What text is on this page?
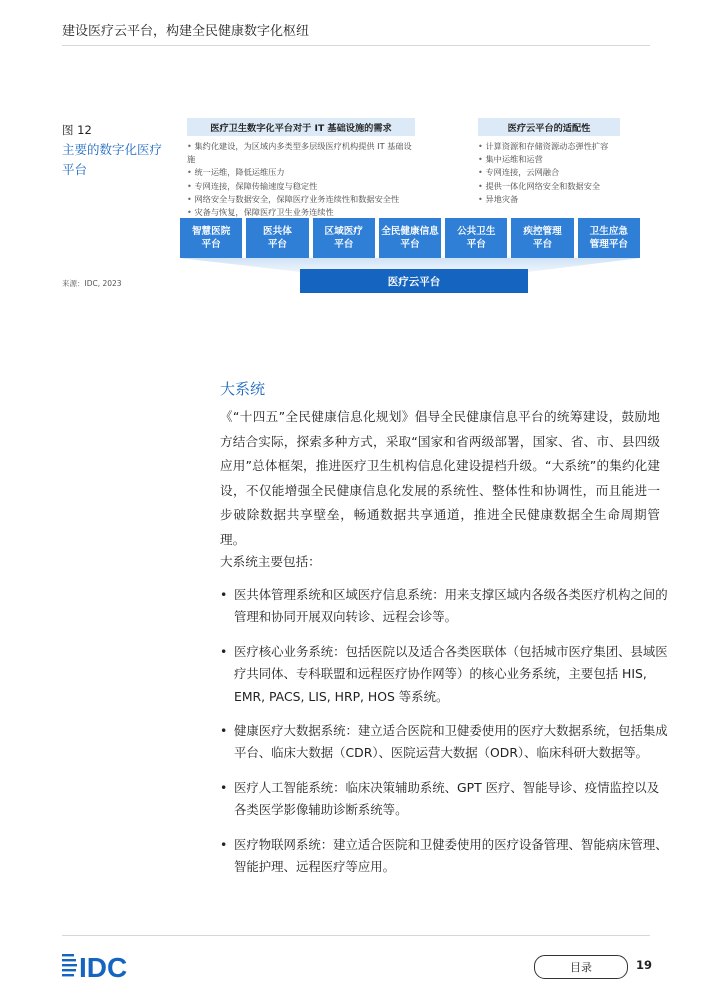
建设医疗云平台，构建全民健康数字化枢纽
图 12
主要的数字化医疗平台
医疗卫生数字化平台对于 IT 基础设施的需求
• 集约化建设，为区域内多类型多层级医疗机构提供 IT 基础设施
• 统一运维，降低运维压力
• 专网连接，保障传输速度与稳定性
• 网络安全与数据安全，保障医疗业务连续性和数据安全性
• 灾备与恢复，保障医疗卫生业务连续性
医疗云平台的适配性
• 计算资源和存储资源动态弹性扩容
• 集中运维和运营
• 专网连接，云网融合
• 提供一体化网络安全和数据安全
• 异地灾备
智慧医院
平台
医共体
平台
区域医疗
平台
全民健康信息
平台
公共卫生
平台
疾控管理
平台
卫生应急
管理平台
医疗云平台
来源：IDC, 2023
大系统
《“十四五”全民健康信息化规划》倡导全民健康信息平台的统筹建设，鼓励地方结合实际，探索多种方式，采取“国家和省两级部署，国家、省、市、县四级应用”总体框架，推进医疗卫生机构信息化建设提档升级。“大系统”的集约化建设，不仅能增强全民健康信息化发展的系统性、整体性和协调性，而且能进一步破除数据共享壁垒，畅通数据共享通道，推进全民健康数据全生命周期管理。
大系统主要包括：
• 医共体管理系统和区域医疗信息系统：用来支撑区域内各级各类医疗机构之间的管理和协同开展双向转诊、远程会诊等。
• 医疗核心业务系统：包括医院以及适合各类医联体（包括城市医疗集团、县域医疗共同体、专科联盟和远程医疗协作网等）的核心业务系统，主要包括 HIS, EMR, PACS, LIS, HRP, HOS 等系统。
• 健康医疗大数据系统：建立适合医院和卫健委使用的医疗大数据系统，包括集成平台、临床大数据（CDR）、医院运营大数据（ODR）、临床科研大数据等。
• 医疗人工智能系统：临床决策辅助系统、GPT 医疗、智能导诊、疫情监控以及各类医学影像辅助诊断系统等。
• 医疗物联网系统：建立适合医院和卫健委使用的医疗设备管理、智能病床管理、智能护理、远程医疗等应用。
IDC	目录	19
